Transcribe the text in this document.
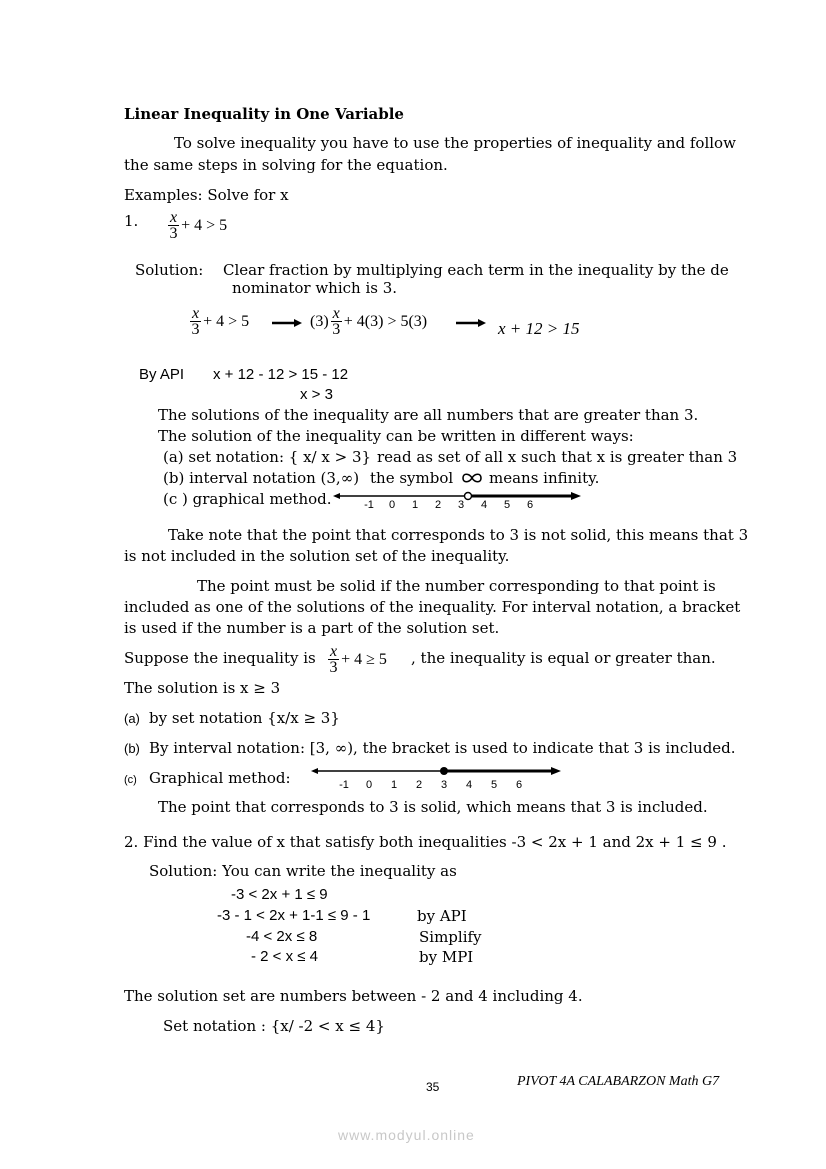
Linear Inequality in One Variable
To solve inequality you have to use the properties of inequality and follow
the same steps in solving for the equation.
Examples: Solve for x
1. $\frac{x}{3} + 4 > 5$
Solution: Clear fraction by multiplying each term in the inequality by the de
nominator which is 3.
$\frac{x}{3} + 4 > 5$	$(3) \frac{x}{3} + 4(3) > 5(3)$	x + 12 > 15
By API x + 12 - 12 > 15 - 12
x > 3
The solutions of the inequality are all numbers that are greater than 3.
The solution of the inequality can be written in different ways:
(a) set notation: { x/ x > 3} read as set of all x such that x is greater than 3
(b) interval notation (3,∞) the symbol means infinity.
(c ) graphical method.	-1 0 1 2 3 4 5 6
Take note that the point that corresponds to 3 is not solid, this means that 3
is not included in the solution set of the inequality.
The point must be solid if the number corresponding to that point is
included as one of the solutions of the inequality. For interval notation, a bracket
is used if the number is a part of the solution set.
Suppose the inequality is $\frac{x}{3} + 4 \ge 5$ , the inequality is equal or greater than.
The solution is x ≥ 3
(a) by set notation {x/x ≥ 3}
(b) By interval notation: [3, ∞), the bracket is used to indicate that 3 is included.
(c) Graphical method:	-1 0 1 2 3 4 5 6
The point that corresponds to 3 is solid, which means that 3 is included.
2. Find the value of x that satisfy both inequalities -3 < 2x + 1 and 2x + 1 ≤ 9 .
Solution: You can write the inequality as
-3 < 2x + 1 ≤ 9
-3 - 1 < 2x + 1-1 ≤ 9 - 1	by API
-4 < 2x ≤ 8	Simplify
- 2 < x ≤ 4	by MPI
The solution set are numbers between - 2 and 4 including 4.
Set notation : {x/ -2 < x ≤ 4}
35	PIVOT 4A CALABARZON Math G7
www.modyul.online
